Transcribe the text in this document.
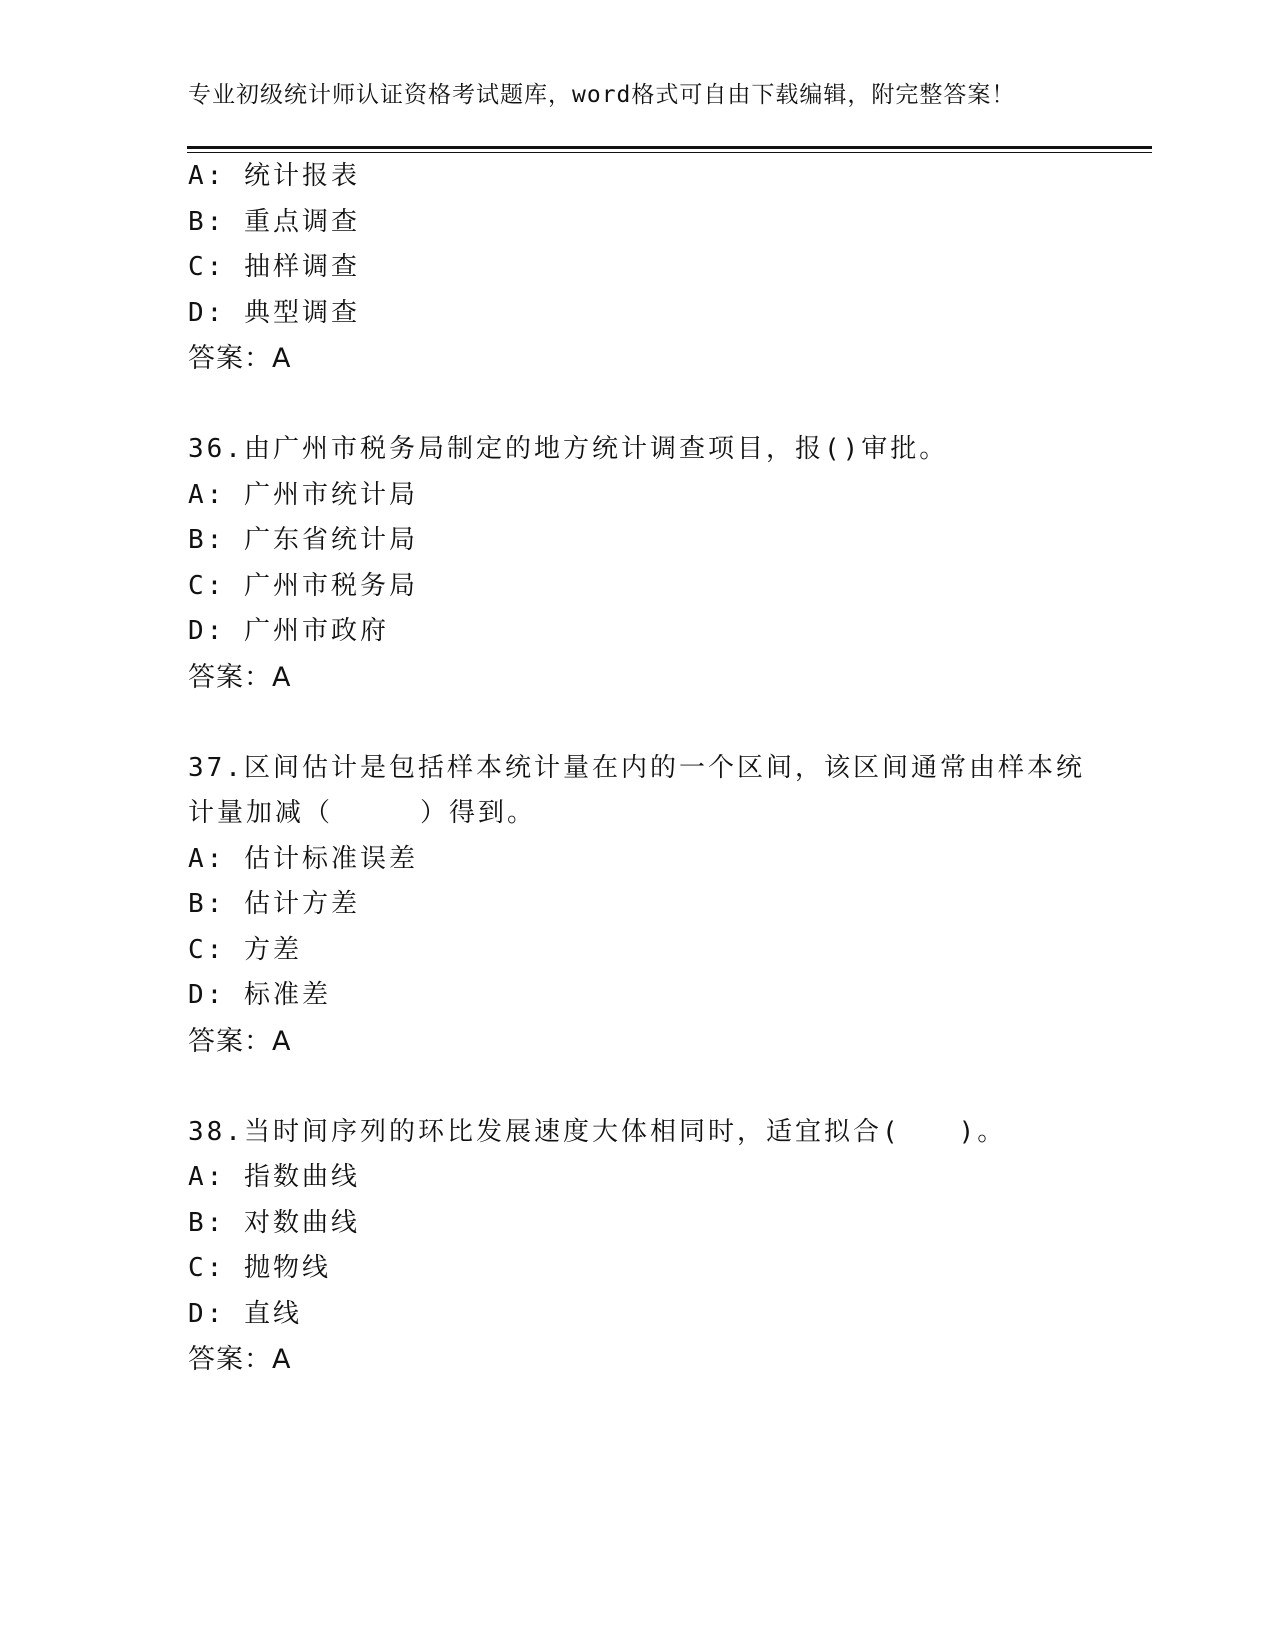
专业初级统计师认证资格考试题库，word格式可自由下载编辑，附完整答案！
A: 统计报表
B: 重点调查
C: 抽样调查
D: 典型调查
答案：A
36.由广州市税务局制定的地方统计调查项目，报()审批。
A: 广州市统计局
B: 广东省统计局
C: 广州市税务局
D: 广州市政府
答案：A
37.区间估计是包括样本统计量在内的一个区间，该区间通常由样本统
计量加减（　　　）得到。
A: 估计标准误差
B: 估计方差
C: 方差
D: 标准差
答案：A
38.当时间序列的环比发展速度大体相同时，适宜拟合(　　)。
A: 指数曲线
B: 对数曲线
C: 抛物线
D: 直线
答案：A
